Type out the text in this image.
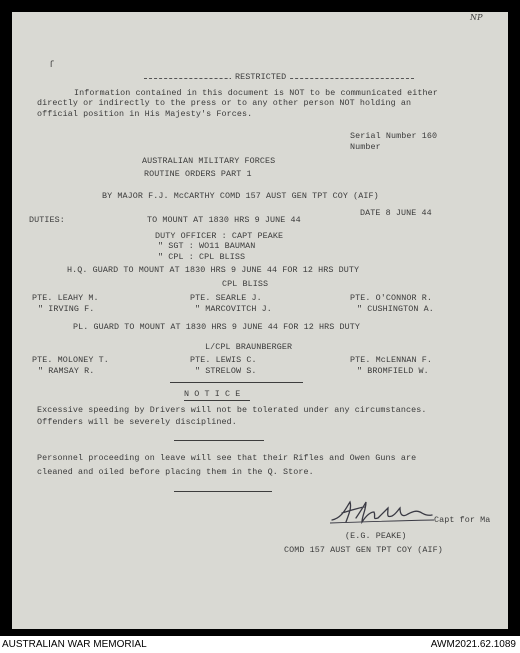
NP
ſ
RESTRICTED
Information contained in this document is NOT to be communicated either
directly or indirectly to the press or to any other person NOT holding an
official position in His Majesty's Forces.
Serial Number 160
Number
AUSTRALIAN MILITARY FORCES
ROUTINE ORDERS PART 1
BY MAJOR F.J. McCARTHY COMD 157 AUST GEN TPT COY (AIF)
DATE 8 JUNE 44
DUTIES:	TO MOUNT AT 1830 HRS 9 JUNE 44
DUTY OFFICER : CAPT PEAKE
" SGT : WO11 BAUMAN
" CPL : CPL BLISS
H.Q. GUARD TO MOUNT AT 1830 HRS 9 JUNE 44 FOR 12 HRS DUTY
CPL BLISS
PTE. LEAHY M.	PTE. SEARLE J.	PTE. O'CONNOR R.
" IRVING F.	" MARCOVITCH J.	" CUSHINGTON A.
PL. GUARD TO MOUNT AT 1830 HRS 9 JUNE 44 FOR 12 HRS DUTY
L/CPL BRAUNBERGER
PTE. MOLONEY T.	PTE. LEWIS C.	PTE. McLENNAN F.
" RAMSAY R.	" STRELOW S.	" BROMFIELD W.
N O T I C E
Excessive speeding by Drivers will not be tolerated under any circumstances.
Offenders will be severely disciplined.
Personnel proceeding on leave will see that their Rifles and Owen Guns are
cleaned and oiled before placing them in the Q. Store.
Capt for Ma
(E.G. PEAKE)
COMD 157 AUST GEN TPT COY (AIF)
AUSTRALIAN WAR MEMORIAL	AWM2021.62.1089
